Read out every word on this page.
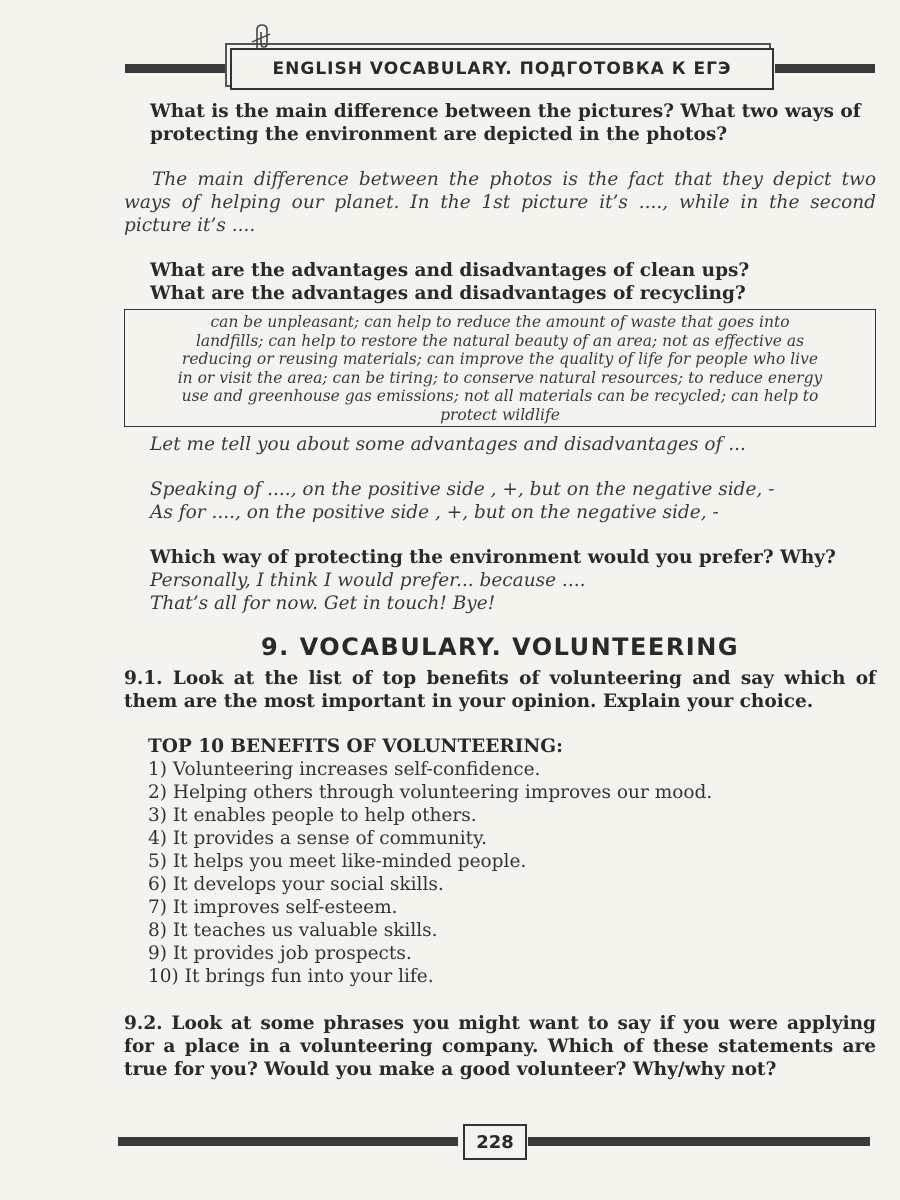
ENGLISH VOCABULARY. ПОДГОТОВКА К ЕГЭ

What is the main difference between the pictures? What two ways of protecting the environment are depicted in the photos?

The main difference between the photos is the fact that they depict two ways of helping our planet. In the 1st picture it’s ...., while in the second picture it’s ....

What are the advantages and disadvantages of clean ups?

What are the advantages and disadvantages of recycling?

can be unpleasant; can help to reduce the amount of waste that goes into
landfills; can help to restore the natural beauty of an area; not as effective as
reducing or reusing materials; can improve the quality of life for people who live
in or visit the area; can be tiring; to conserve natural resources; to reduce energy
use and greenhouse gas emissions; not all materials can be recycled; can help to
protect wildlife

Let me tell you about some advantages and disadvantages of ...

Speaking of ...., on the positive side , +, but on the negative side, -

As for ...., on the positive side , +, but on the negative side, -

Which way of protecting the environment would you prefer? Why?

Personally, I think I would prefer... because ....

That’s all for now. Get in touch! Bye!

9. VOCABULARY. VOLUNTEERING

9.1. Look at the list of top benefits of volunteering and say which of them are the most important in your opinion. Explain your choice.

TOP 10 BENEFITS OF VOLUNTEERING:

1) Volunteering increases self-confidence.
2) Helping others through volunteering improves our mood.
3) It enables people to help others.
4) It provides a sense of community.
5) It helps you meet like-minded people.
6) It develops your social skills.
7) It improves self-esteem.
8) It teaches us valuable skills.
9) It provides job prospects.
10) It brings fun into your life.

9.2. Look at some phrases you might want to say if you were applying for a place in a volunteering company. Which of these statements are true for you? Would you make a good volunteer? Why/why not?

228
